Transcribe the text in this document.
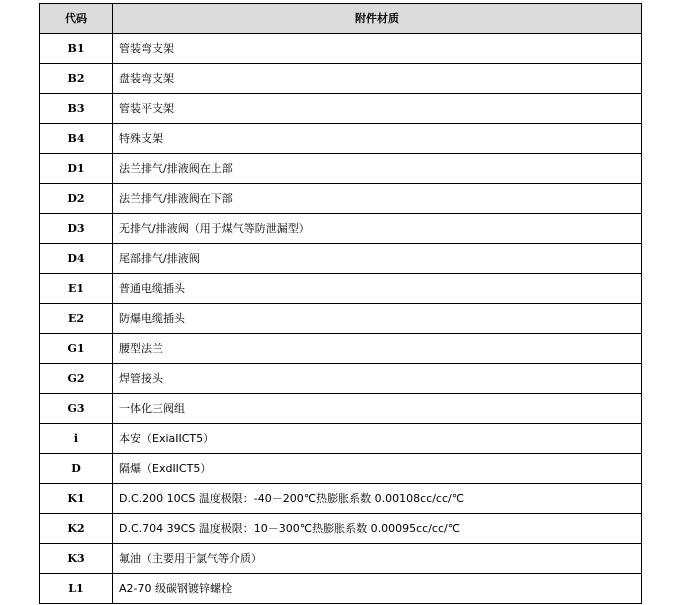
代码	附件材质
B1	管装弯支架
B2	盘装弯支架
B3	管装平支架
B4	特殊支架
D1	法兰排气/排液阀在上部
D2	法兰排气/排液阀在下部
D3	无排气/排液阀（用于煤气等防泄漏型）
D4	尾部排气/排液阀
E1	普通电缆插头
E2	防爆电缆插头
G1	腰型法兰
G2	焊管接头
G3	一体化三阀组
i	本安（ExiaIICT5）
D	隔爆（ExdIICT5）
K1	D.C.200 10CS 温度极限：-40－200℃热膨胀系数 0.00108cc/cc/℃
K2	D.C.704 39CS 温度极限：10－300℃热膨胀系数 0.00095cc/cc/℃
K3	氟油（主要用于氯气等介质）
L1	A2-70 级碳钢镀锌螺栓
